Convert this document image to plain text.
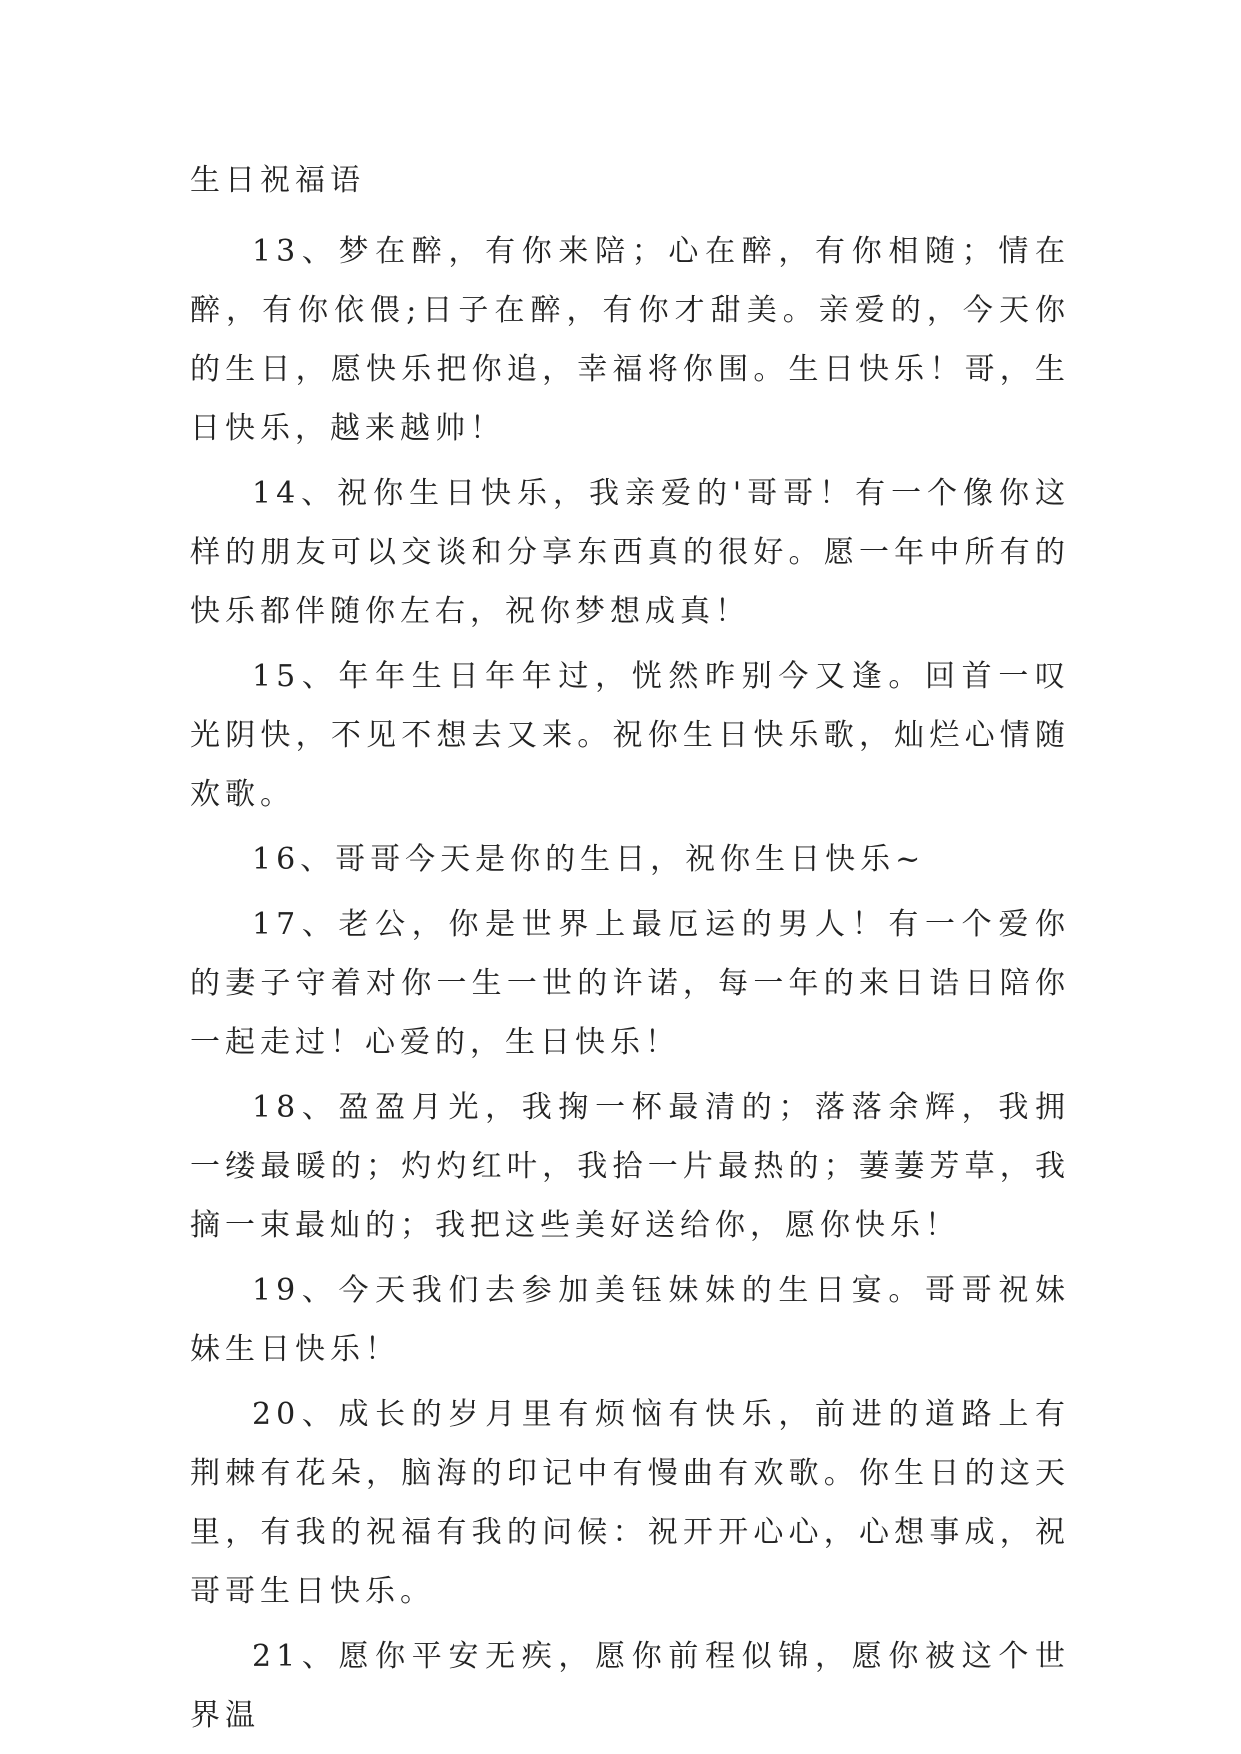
生日祝福语

13、梦在醉，有你来陪；心在醉，有你相随；情在醉，有你依偎;日子在醉，有你才甜美。亲爱的，今天你的生日，愿快乐把你追，幸福将你围。生日快乐！哥，生日快乐，越来越帅！

14、祝你生日快乐，我亲爱的'哥哥！有一个像你这样的朋友可以交谈和分享东西真的很好。愿一年中所有的快乐都伴随你左右，祝你梦想成真！

15、年年生日年年过，恍然昨别今又逢。回首一叹光阴快，不见不想去又来。祝你生日快乐歌，灿烂心情随欢歌。

16、哥哥今天是你的生日，祝你生日快乐~

17、老公，你是世界上最厄运的男人！有一个爱你的妻子守着对你一生一世的许诺，每一年的来日诰日陪你一起走过！心爱的，生日快乐！

18、盈盈月光，我掬一杯最清的；落落余辉，我拥一缕最暖的；灼灼红叶，我拾一片最热的；萋萋芳草，我摘一束最灿的；我把这些美好送给你，愿你快乐！

19、今天我们去参加美钰妹妹的生日宴。哥哥祝妹妹生日快乐！

20、成长的岁月里有烦恼有快乐，前进的道路上有荆棘有花朵，脑海的印记中有慢曲有欢歌。你生日的这天里，有我的祝福有我的问候：祝开开心心，心想事成，祝哥哥生日快乐。

21、愿你平安无疾，愿你前程似锦，愿你被这个世界温
